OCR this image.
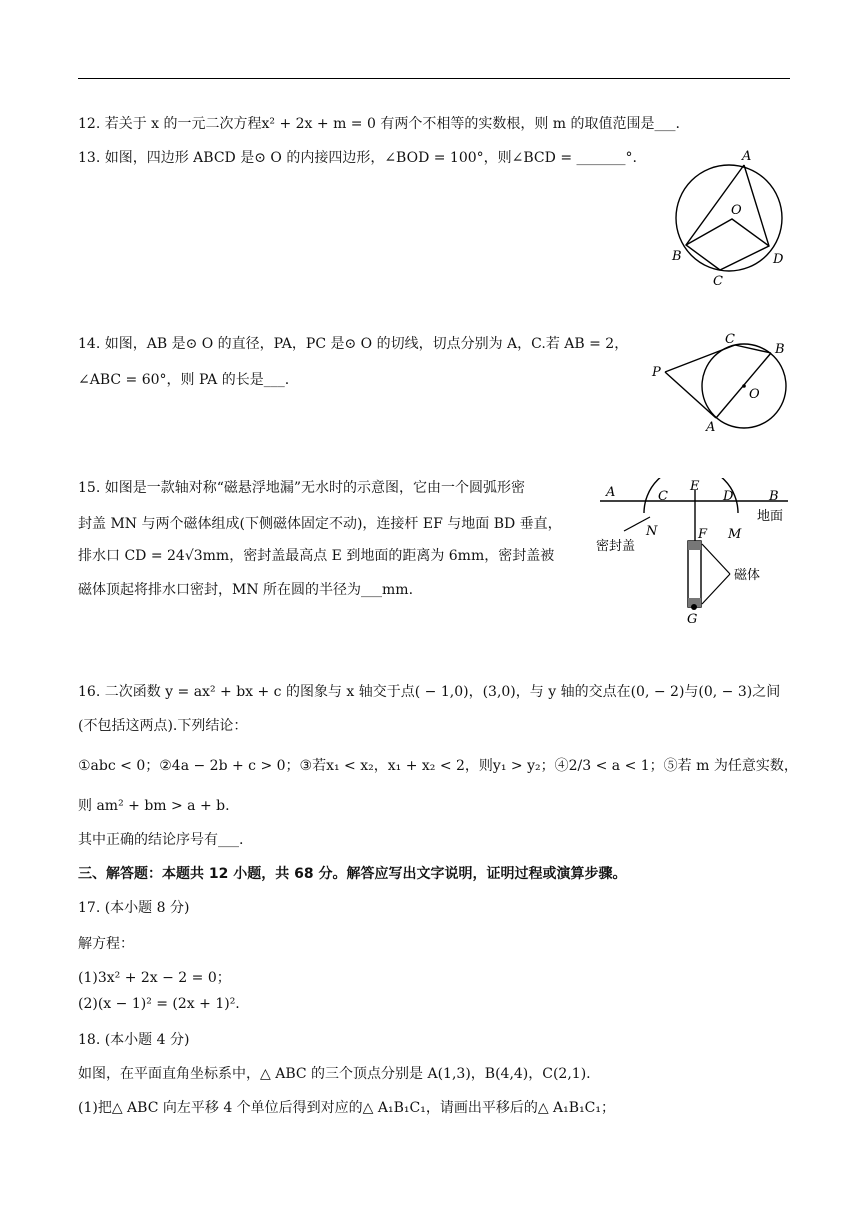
12. 若关于 x 的一元二次方程x² + 2x + m = 0 有两个不相等的实数根，则 m 的取值范围是___.
13. 如图，四边形 ABCD 是⊙ O 的内接四边形，∠BOD = 100°，则∠BCD = _______°.	A
O
B	D
C
14. 如图，AB 是⊙ O 的直径，PA，PC 是⊙ O 的切线，切点分别为 A，C.若 AB = 2，
∠ABC = 60°，则 PA 的长是___.	P
C
B
O
A
15. 如图是一款轴对称“磁悬浮地漏”无水时的示意图，它由一个圆弧形密
封盖 MN 与两个磁体组成(下侧磁体固定不动)，连接杆 EF 与地面 BD 垂直，
排水口 CD = 24√3mm，密封盖最高点 E 到地面的距离为 6mm，密封盖被
磁体顶起将排水口密封，MN 所在圆的半径为___mm.
A	C
E
D	B
地面
N	F M
密封盖
磁体
G
16. 二次函数 y = ax² + bx + c 的图象与 x 轴交于点( − 1,0)，(3,0)，与 y 轴的交点在(0, − 2)与(0, − 3)之间
(不包括这两点).下列结论：
①abc < 0；②4a − 2b + c > 0；③若x₁ < x₂，x₁ + x₂ < 2，则y₁ > y₂；④2/3 < a < 1；⑤若 m 为任意实数，
则 am² + bm > a + b.
其中正确的结论序号有___.
三、解答题：本题共 12 小题，共 68 分。解答应写出文字说明，证明过程或演算步骤。
17. (本小题 8 分)
解方程：
(1)3x² + 2x − 2 = 0；
(2)(x − 1)² = (2x + 1)².
18. (本小题 4 分)
如图，在平面直角坐标系中，△ ABC 的三个顶点分别是 A(1,3)，B(4,4)，C(2,1).
(1)把△ ABC 向左平移 4 个单位后得到对应的△ A₁B₁C₁，请画出平移后的△ A₁B₁C₁；
